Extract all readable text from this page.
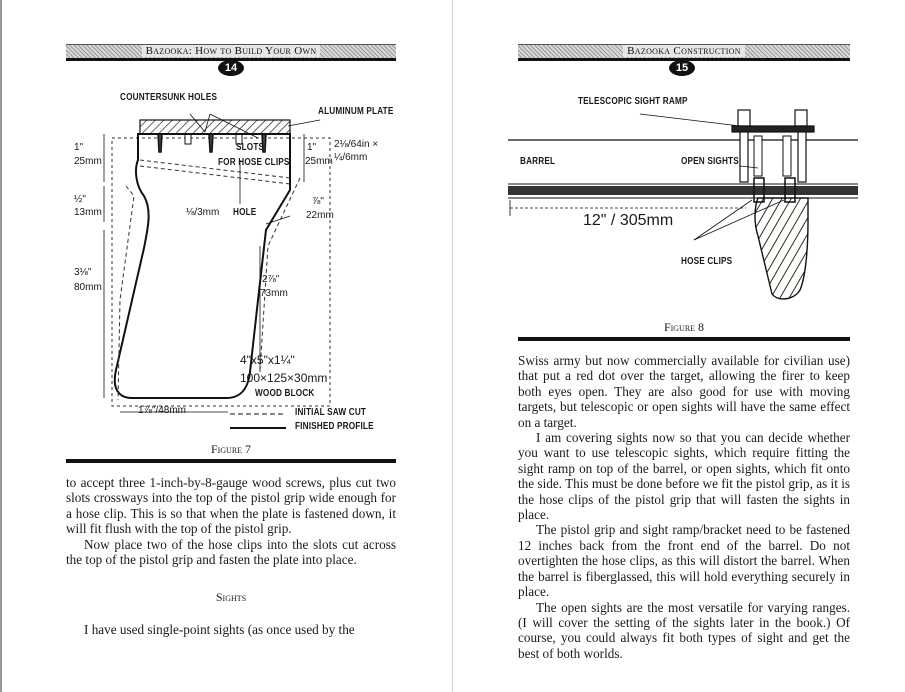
Bazooka: How to Build Your Own
14
COUNTERSUNK HOLES
ALUMINUM PLATE
SLOTS
FOR HOSE CLIPS
HOLE
WOOD BLOCK
INITIAL SAW CUT
FINISHED PROFILE
1"
25mm
½"
13mm
3⅛"
80mm
1"
25mm
2⅛/64in × ¼/6mm
⅛/3mm
⅞"
22mm
2⅞"
73mm
4"x5"x1¼"
100×125×30mm
1⅞"/48mm
Figure 7

to accept three 1-inch-by-8-gauge wood screws, plus cut two slots crossways into the top of the pistol grip wide enough for a hose clip. This is so that when the plate is fastened down, it will fit flush with the top of the pistol grip.

Now place two of the hose clips into the slots cut across the top of the pistol grip and fasten the plate into place.

Sights

I have used single-point sights (as once used by the

Bazooka Construction
15
TELESCOPIC SIGHT RAMP
BARREL	OPEN SIGHTS
12" / 305mm
HOSE CLIPS
Figure 8

Swiss army but now commercially available for civilian use) that put a red dot over the target, allowing the firer to keep both eyes open. They are also good for use with moving targets, but telescopic or open sights will have the same effect on a target.

I am covering sights now so that you can decide whether you want to use telescopic sights, which require fitting the sight ramp on top of the barrel, or open sights, which fit onto the side. This must be done before we fit the pistol grip, as it is the hose clips of the pistol grip that will fasten the sights in place.

The pistol grip and sight ramp/bracket need to be fastened 12 inches back from the front end of the barrel. Do not overtighten the hose clips, as this will distort the barrel. When the barrel is fiberglassed, this will hold everything securely in place.

The open sights are the most versatile for varying ranges. (I will cover the setting of the sights later in the book.) Of course, you could always fit both types of sight and get the best of both worlds.
